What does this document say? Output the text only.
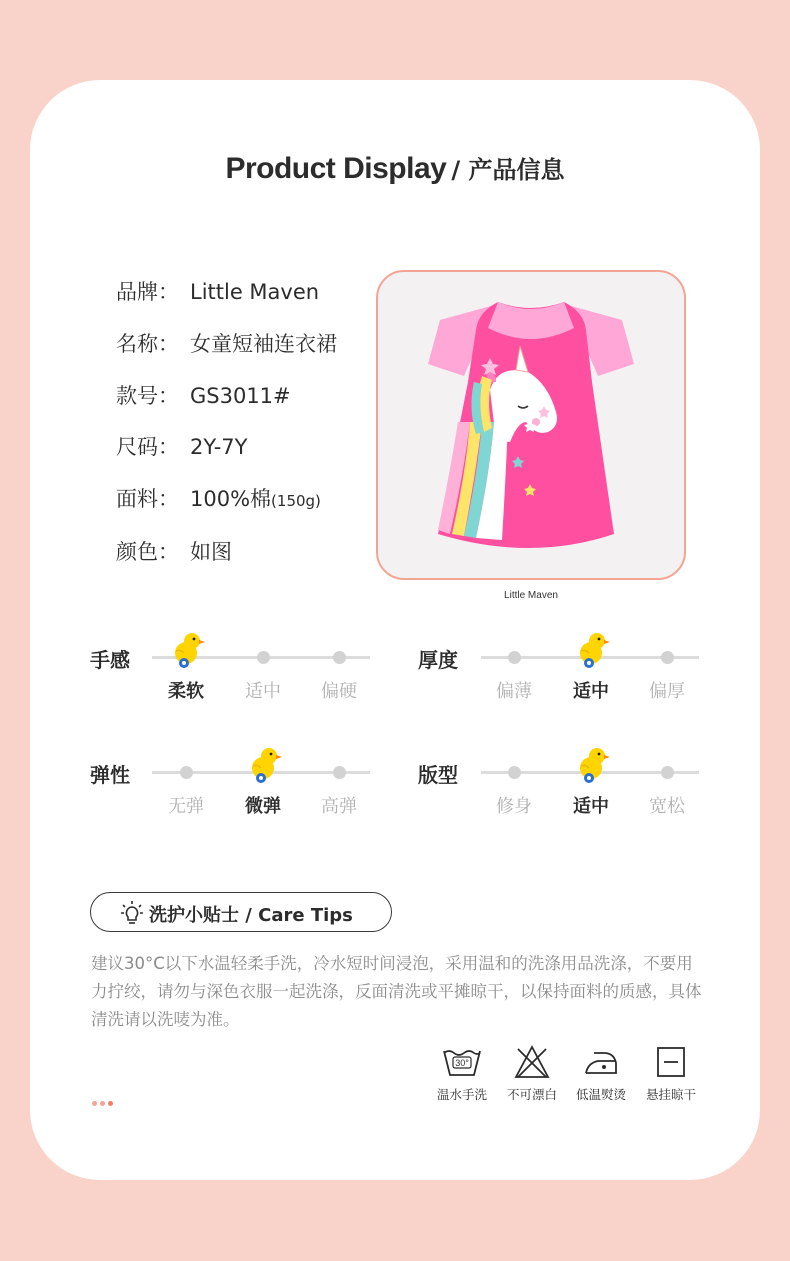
Product Display / 产品信息
品牌： Little Maven
名称： 女童短袖连衣裙
款号： GS3011#
尺码： 2Y-7Y
面料： 100%棉(150g)
颜色： 如图
Little Maven
手感
柔软	适中	偏硬
厚度
偏薄	适中	偏厚
弹性
无弹	微弹	高弹
版型
修身	适中	宽松
洗护小贴士 / Care Tips
建议30°C以下水温轻柔手洗，冷水短时间浸泡，采用温和的洗涤用品洗涤，不要用力拧绞，请勿与深色衣服一起洗涤，反面清洗或平摊晾干，以保持面料的质感，具体清洗请以洗唛为准。
30°
温水手洗	不可漂白	低温熨烫	悬挂晾干
